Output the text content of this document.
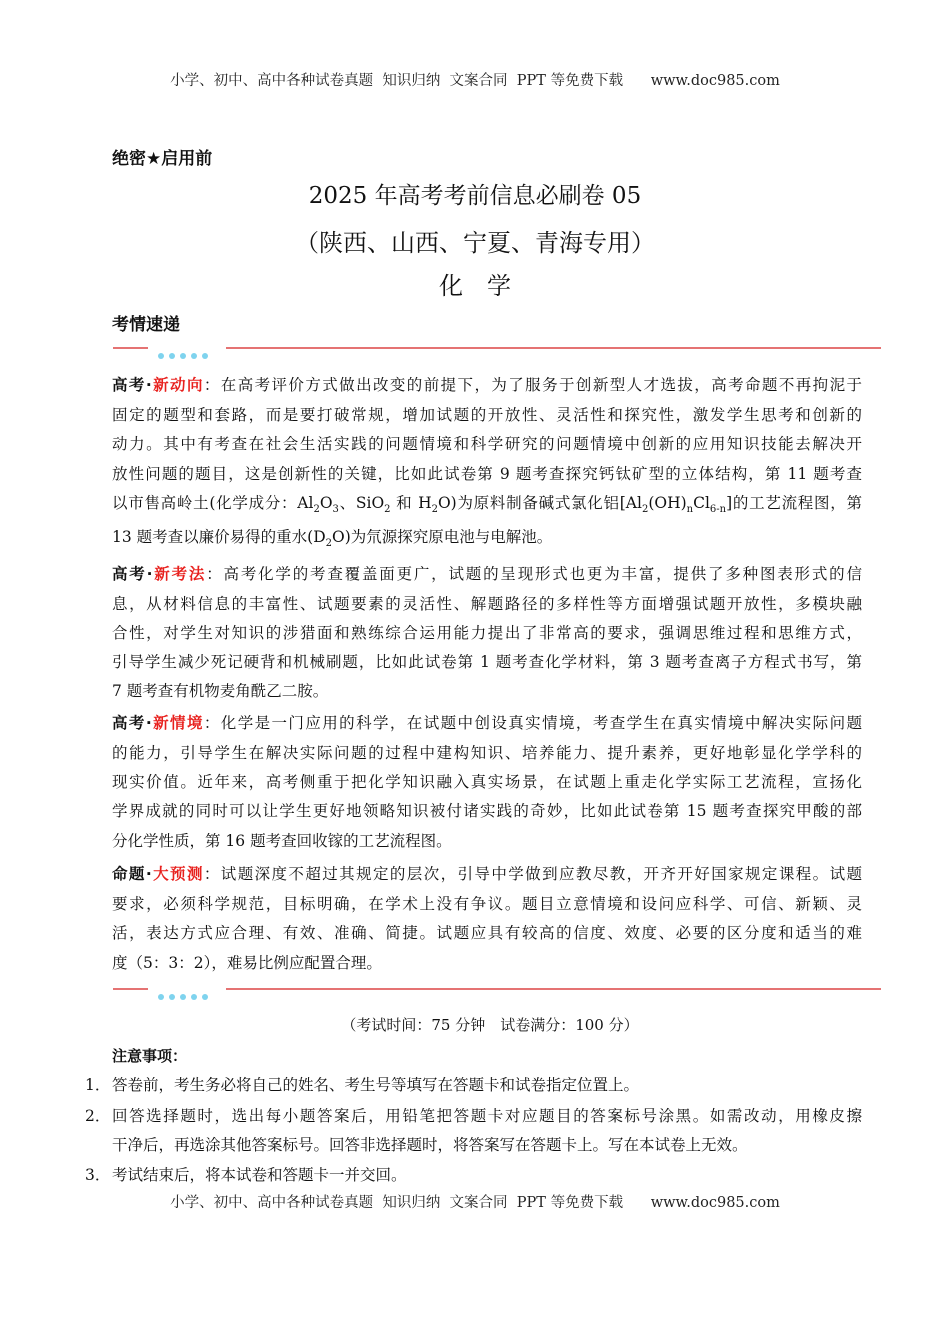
小学、初中、高中各种试卷真题  知识归纳  文案合同  PPT 等免费下载      www.doc985.com
绝密★启用前
2025 年高考考前信息必刷卷 05
（陕西、山西、宁夏、青海专用）
化　学
考情速递
高考·新动向：在高考评价方式做出改变的前提下，为了服务于创新型人才选拔，高考命题不再拘泥于
固定的题型和套路，而是要打破常规，增加试题的开放性、灵活性和探究性，激发学生思考和创新的
动力。其中有考查在社会生活实践的问题情境和科学研究的问题情境中创新的应用知识技能去解决开
放性问题的题目，这是创新性的关键，比如此试卷第 9 题考查探究钙钛矿型的立体结构，第 11 题考查
以市售高岭土(化学成分：$Al_2O_3$、SiO$_2$ 和 $H_2O$)为原料制备碱式氯化铝$[Al_2(OH)_nCl_{6-n}]$的工艺流程图，第
13 题考查以廉价易得的重水$(D_2O)$为氘源探究原电池与电解池。
高考·新考法：高考化学的考查覆盖面更广，试题的呈现形式也更为丰富，提供了多种图表形式的信
息，从材料信息的丰富性、试题要素的灵活性、解题路径的多样性等方面增强试题开放性，多模块融
合性，对学生对知识的涉猎面和熟练综合运用能力提出了非常高的要求，强调思维过程和思维方式，
引导学生减少死记硬背和机械刷题，比如此试卷第 1 题考查化学材料，第 3 题考查离子方程式书写，第
7 题考查有机物麦角酰乙二胺。
高考·新情境：化学是一门应用的科学，在试题中创设真实情境，考查学生在真实情境中解决实际问题
的能力，引导学生在解决实际问题的过程中建构知识、培养能力、提升素养，更好地彰显化学学科的
现实价值。近年来，高考侧重于把化学知识融入真实场景，在试题上重走化学实际工艺流程，宣扬化
学界成就的同时可以让学生更好地领略知识被付诸实践的奇妙，比如此试卷第 15 题考查探究甲酸的部
分化学性质，第 16 题考查回收镓的工艺流程图。
命题·大预测：试题深度不超过其规定的层次，引导中学做到应教尽教，开齐开好国家规定课程。试题
要求，必须科学规范，目标明确，在学术上没有争议。题目立意情境和设问应科学、可信、新颖、灵
活，表达方式应合理、有效、准确、简捷。试题应具有较高的信度、效度、必要的区分度和适当的难
度（5：3：2），难易比例应配置合理。
（考试时间：75 分钟　试卷满分：100 分）
注意事项：
1． 答卷前，考生务必将自己的姓名、考生号等填写在答题卡和试卷指定位置上。
2． 回答选择题时，选出每小题答案后，用铅笔把答题卡对应题目的答案标号涂黑。如需改动，用橡皮擦
干净后，再选涂其他答案标号。回答非选择题时，将答案写在答题卡上。写在本试卷上无效。
3． 考试结束后，将本试卷和答题卡一并交回。
小学、初中、高中各种试卷真题  知识归纳  文案合同  PPT 等免费下载      www.doc985.com
